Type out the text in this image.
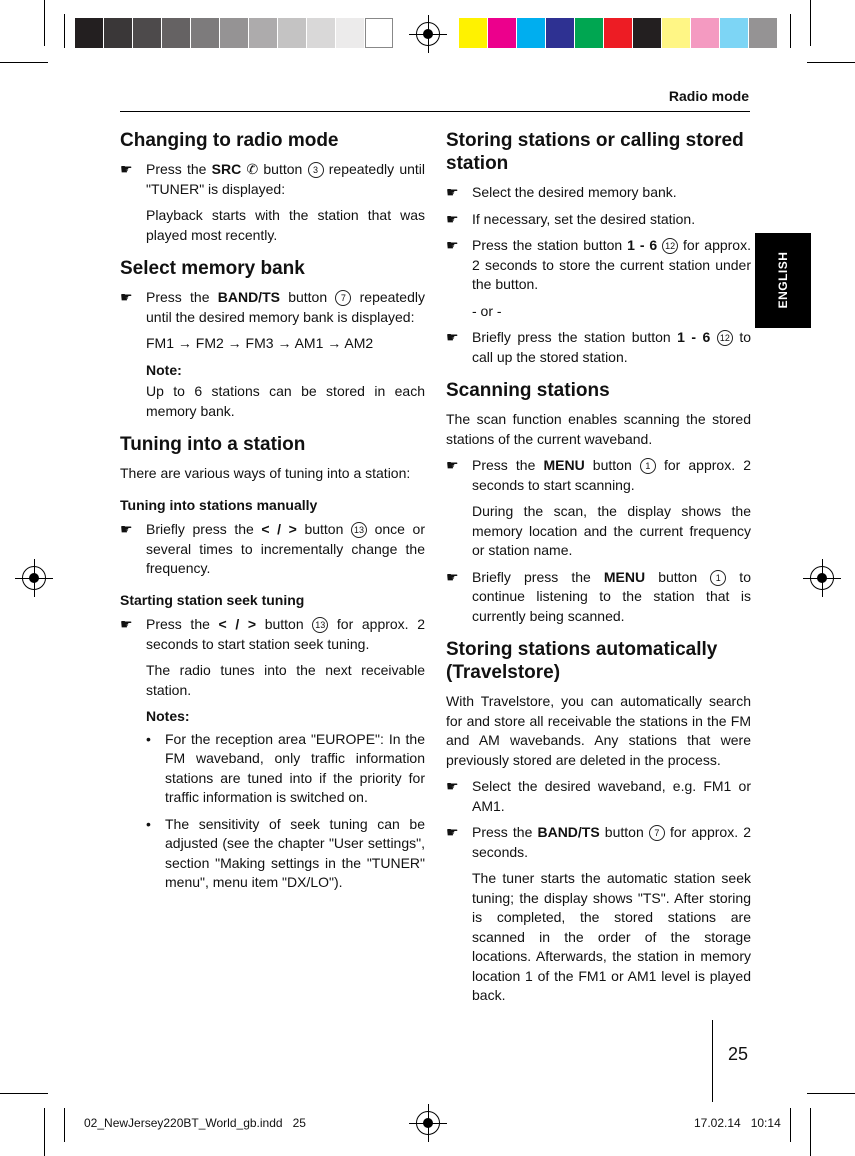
Radio mode
ENGLISH
Changing to radio mode
☛ Press the SRC ✆ button 3 repeatedly until "TUNER" is displayed:
Playback starts with the station that was played most recently.
Select memory bank
☛ Press the BAND/TS button 7 repeatedly until the desired memory bank is displayed:
FM1 → FM2 → FM3 → AM1 → AM2
Note:
Up to 6 stations can be stored in each memory bank.
Tuning into a station

There are various ways of tuning into a station:

Tuning into stations manually
☛ Briefly press the < / > button 13 once or several times to incrementally change the frequency.
Starting station seek tuning
☛ Press the < / > button 13 for approx. 2 seconds to start station seek tuning.
The radio tunes into the next receivable station.
Notes:
• For the reception area "EUROPE": In the FM waveband, only traffic information stations are tuned into if the priority for traffic information is switched on.
• The sensitivity of seek tuning can be adjusted (see the chapter "User settings", section "Making settings in the "TUNER" menu", menu item "DX/LO").
Storing stations or calling stored station
☛ Select the desired memory bank.
☛ If necessary, set the desired station.
☛ Press the station button 1 - 6 12 for approx. 2 seconds to store the current station under the button.
- or -
☛ Briefly press the station button 1 - 6 12 to call up the stored station.
Scanning stations

The scan function enables scanning the stored stations of the current waveband.

☛ Press the MENU button 1 for approx. 2 seconds to start scanning.
During the scan, the display shows the memory location and the current frequency or station name.
☛ Briefly press the MENU button 1 to continue listening to the station that is currently being scanned.
Storing stations automatically (Travelstore)

With Travelstore, you can automatically search for and store all receivable the stations in the FM and AM wavebands. Any stations that were previously stored are deleted in the process.

☛ Select the desired waveband, e.g. FM1 or AM1.
☛ Press the BAND/TS button 7 for approx. 2 seconds.
The tuner starts the automatic station seek tuning; the display shows "TS". After storing is completed, the stored stations are scanned in the order of the storage locations. Afterwards, the station in memory location 1 of the FM1 or AM1 level is played back.
25
02_NewJersey220BT_World_gb.indd   25	17.02.14   10:14
